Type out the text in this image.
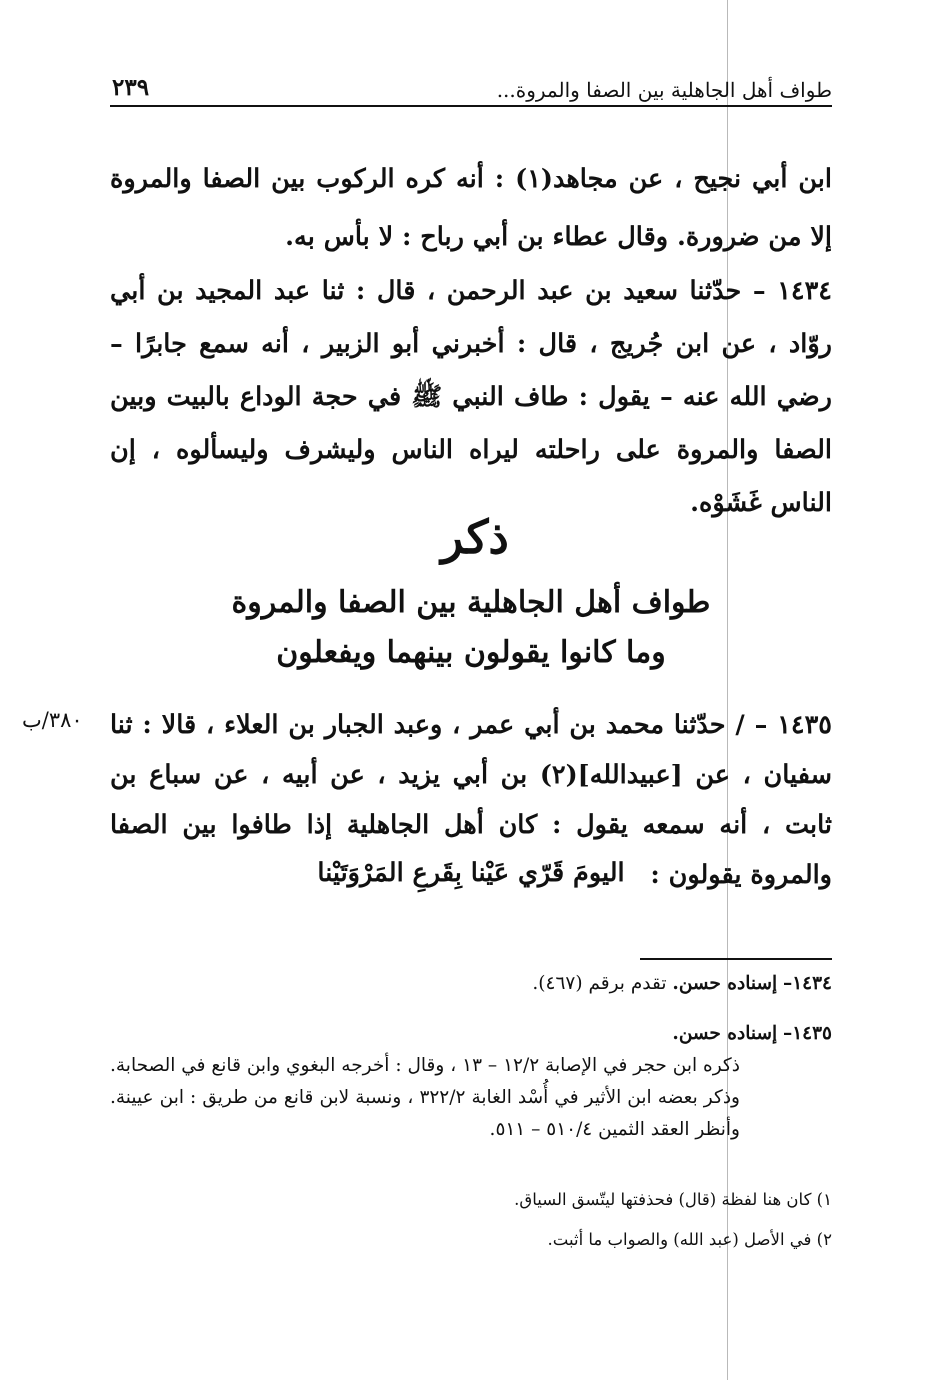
طواف أهل الجاهلية بين الصفا والمروة...
٢٣٩

ابن أبي نجيح ، عن مجاهد(١) : أنه كره الركوب بين الصفا والمروة إلا من ضرورة. وقال عطاء بن أبي رباح : لا بأس به.

١٤٣٤ – حدّثنا سعيد بن عبد الرحمن ، قال : ثنا عبد المجيد بن أبي روّاد ، عن ابن جُريج ، قال : أخبرني أبو الزبير ، أنه سمع جابرًا – رضي الله عنه – يقول : طاف النبي ﷺ في حجة الوداع بالبيت وبين الصفا والمروة على راحلته ليراه الناس وليشرف وليسألوه ، إن الناس غَشَوْه.

ذكر
طواف أهل الجاهلية بين الصفا والمروة
وما كانوا يقولون بينهما ويفعلون
٣٨٠/ب ١٤٣٥ – / حدّثنا محمد بن أبي عمر ، وعبد الجبار بن العلاء ، قالا : ثنا سفيان ، عن [عبيدالله](٢) بن أبي يزيد ، عن أبيه ، عن سباع بن ثابت ، أنه سمعه يقول : كان أهل الجاهلية إذا طافوا بين الصفا والمروة يقولون :

اليومَ قَرّي عَيْنا بِقَرعِ المَرْوَتَيْنا
١٤٣٤– إسناده حسن. تقدم برقم (٤٦٧).
١٤٣٥– إسناده حسن.
ذكره ابن حجر في الإصابة ١٢/٢ – ١٣ ، وقال : أخرجه البغوي وابن قانع في الصحابة. وذكر بعضه ابن الأثير في أُسْد الغابة ٣٢٢/٢ ، ونسبة لابن قانع من طريق : ابن عيينة. وأنظر العقد الثمين ٥١٠/٤ – ٥١١.
١) كان هنا لفظة (قال) فحذفتها ليتّسق السياق.
٢) في الأصل (عبد الله) والصواب ما أثبت.
